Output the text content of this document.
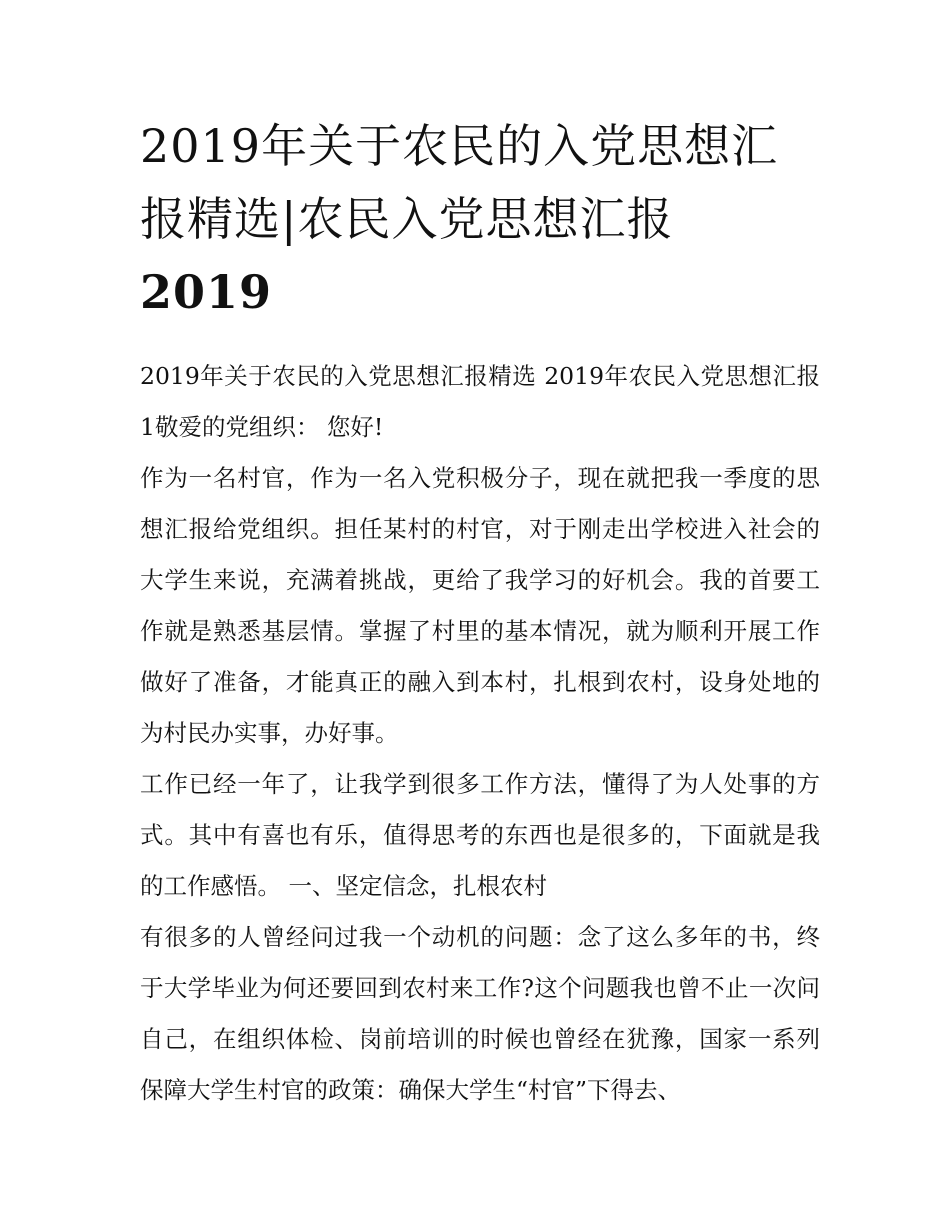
2019年关于农民的入党思想汇
报精选|农民入党思想汇报
2019

2019年关于农民的入党思想汇报精选 2019年农民入党思想汇报1敬爱的党组织： 您好!

作为一名村官，作为一名入党积极分子，现在就把我一季度的思想汇报给党组织。担任某村的村官，对于刚走出学校进入社会的大学生来说，充满着挑战，更给了我学习的好机会。我的首要工作就是熟悉基层情。掌握了村里的基本情况，就为顺利开展工作做好了准备，才能真正的融入到本村，扎根到农村，设身处地的为村民办实事，办好事。

工作已经一年了，让我学到很多工作方法，懂得了为人处事的方式。其中有喜也有乐，值得思考的东西也是很多的，下面就是我的工作感悟。 一、坚定信念，扎根农村

有很多的人曾经问过我一个动机的问题：念了这么多年的书，终于大学毕业为何还要回到农村来工作?这个问题我也曾不止一次问自己，在组织体检、岗前培训的时候也曾经在犹豫，国家一系列保障大学生村官的政策：确保大学生“村官”下得去、
